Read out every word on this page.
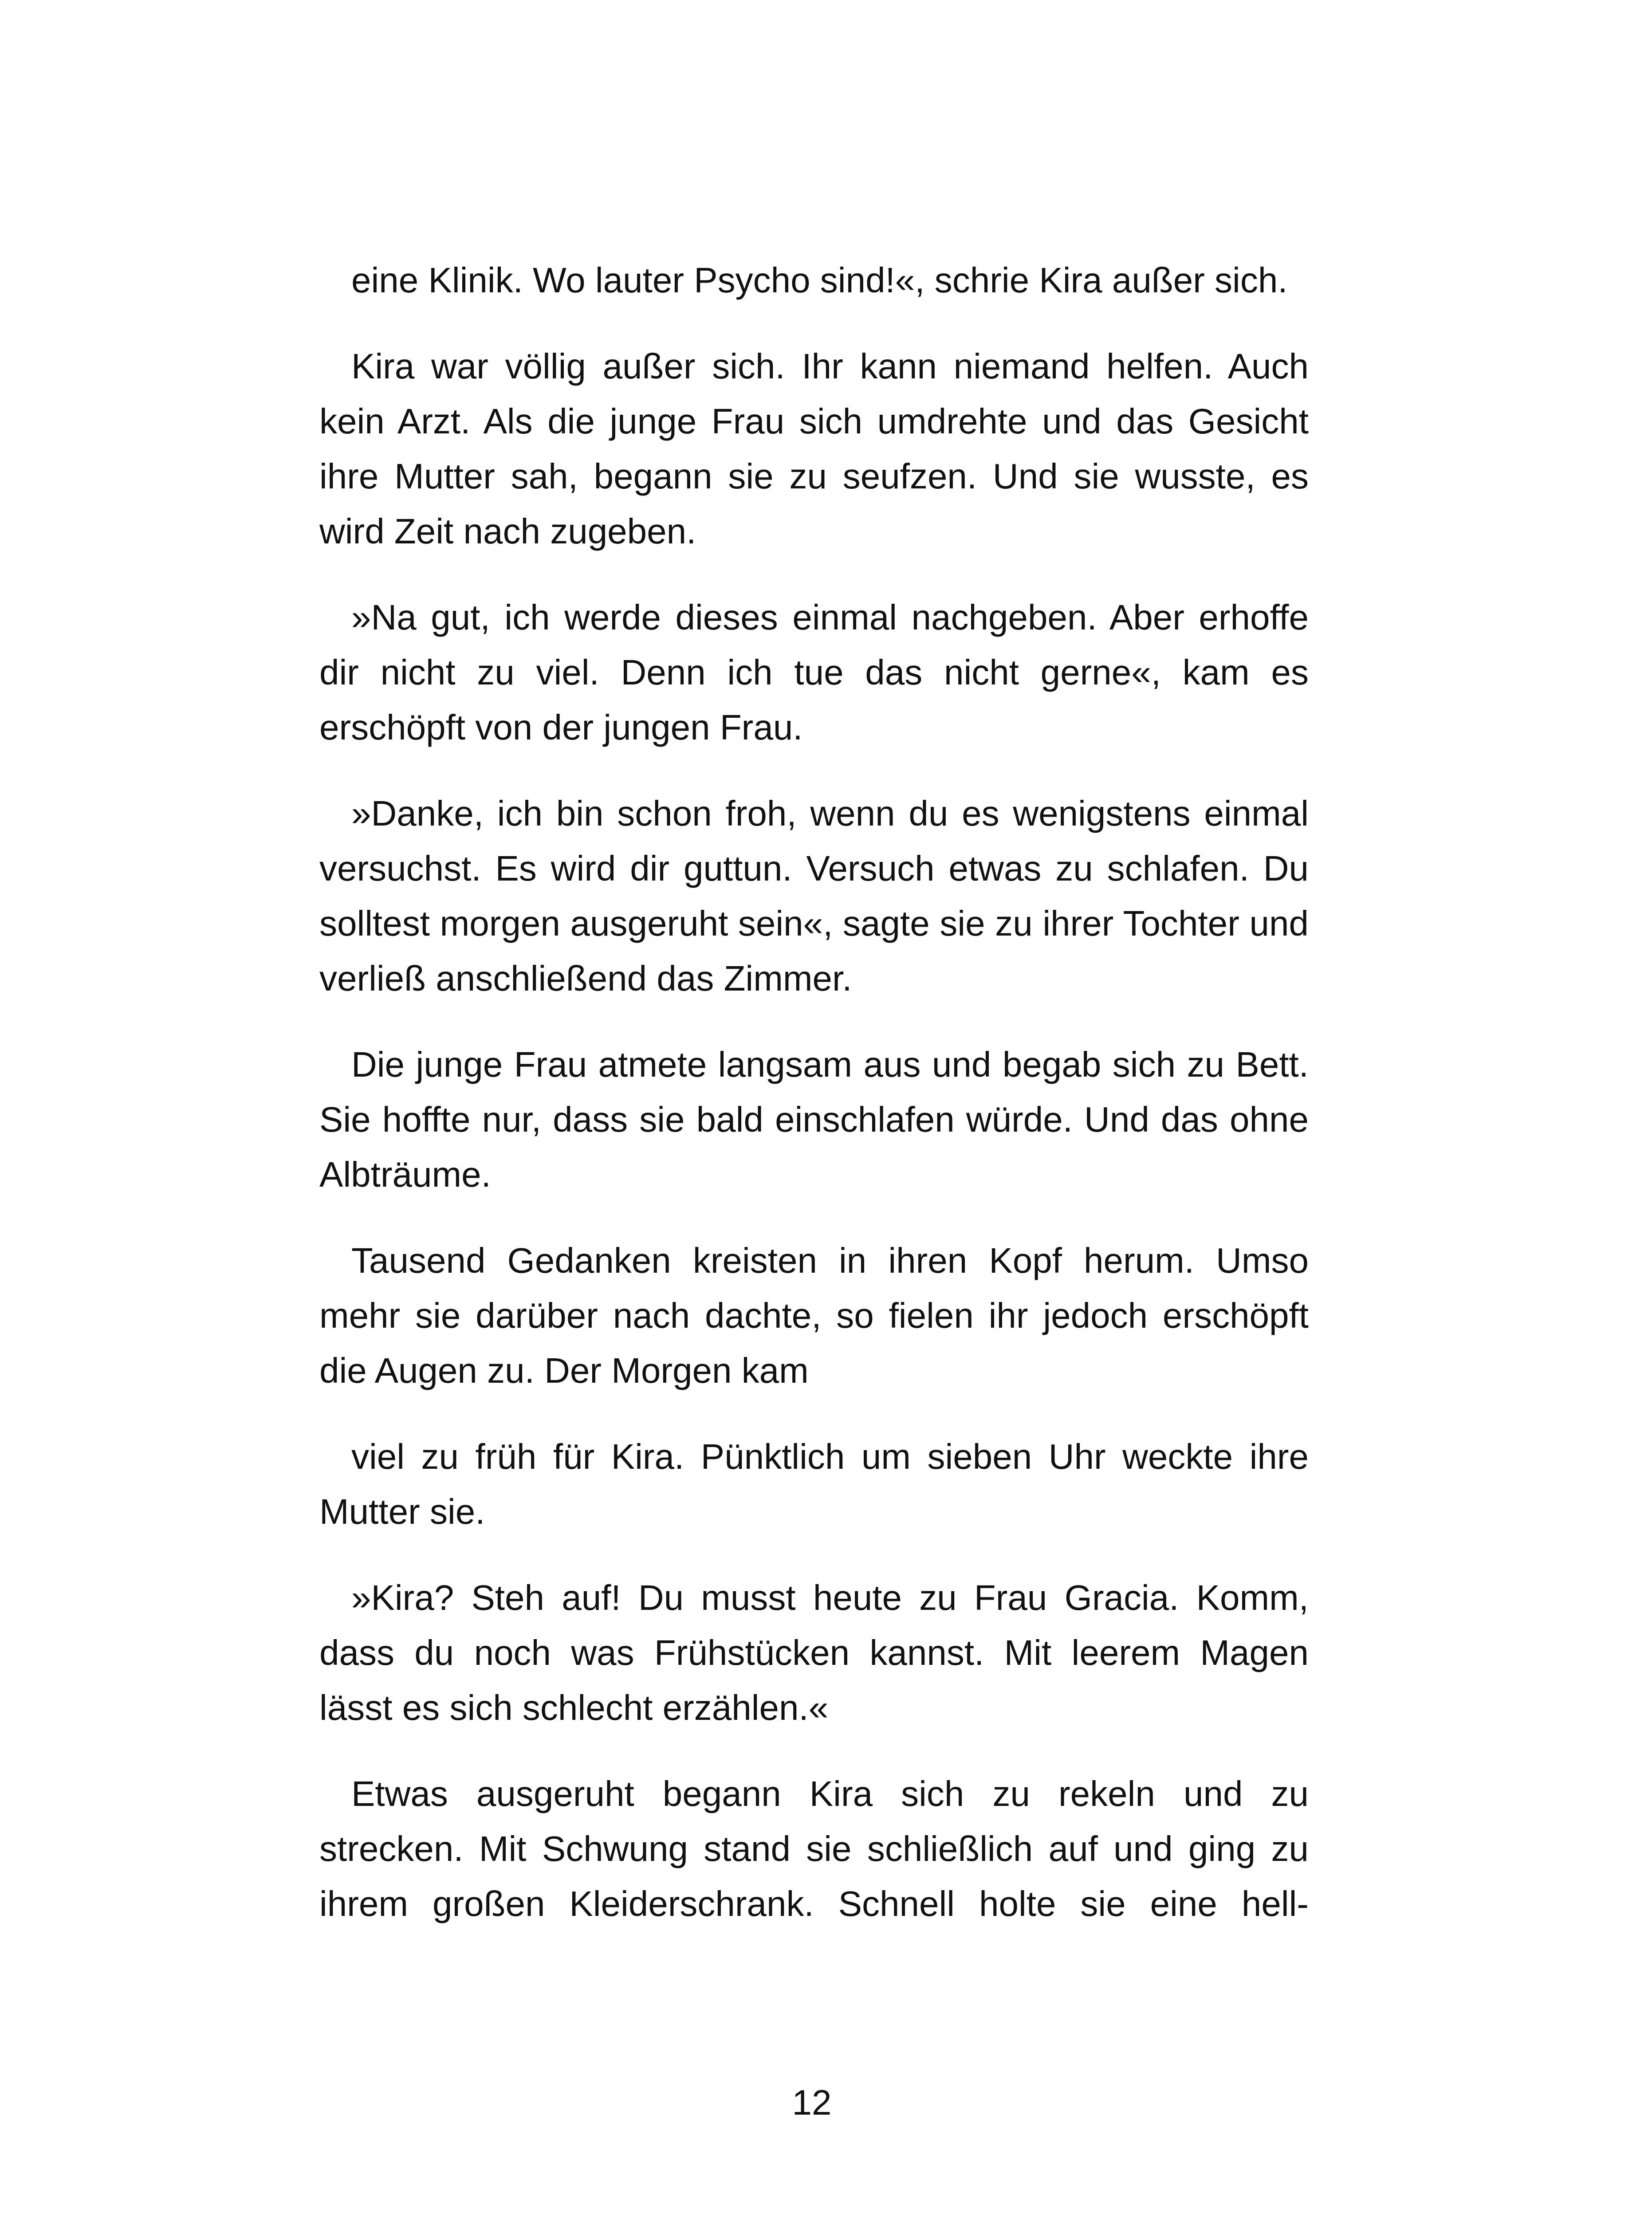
eine Klinik. Wo lauter Psycho sind!«, schrie Kira außer sich.

Kira war völlig außer sich. Ihr kann niemand helfen. Auch kein Arzt. Als die junge Frau sich umdrehte und das Gesicht ihre Mutter sah, begann sie zu seufzen. Und sie wusste, es wird Zeit nach zugeben.

»Na gut, ich werde dieses einmal nachgeben. Aber erhoffe dir nicht zu viel. Denn ich tue das nicht gerne«, kam es erschöpft von der jungen Frau.

»Danke, ich bin schon froh, wenn du es wenigstens einmal versuchst. Es wird dir guttun. Versuch etwas zu schlafen. Du solltest morgen ausgeruht sein«, sagte sie zu ihrer Tochter und verließ anschließend das Zimmer.

Die junge Frau atmete langsam aus und begab sich zu Bett. Sie hoffte nur, dass sie bald einschlafen würde. Und das ohne Albträume.

Tausend Gedanken kreisten in ihren Kopf herum. Umso mehr sie darüber nach dachte, so fielen ihr jedoch erschöpft die Augen zu. Der Morgen kam

viel zu früh für Kira. Pünktlich um sieben Uhr weckte ihre Mutter sie.

»Kira? Steh auf! Du musst heute zu Frau Gracia. Komm, dass du noch was Frühstücken kannst. Mit leerem Magen lässt es sich schlecht erzählen.«

Etwas ausgeruht begann Kira sich zu rekeln und zu strecken. Mit Schwung stand sie schließlich auf und ging zu ihrem großen Kleiderschrank. Schnell holte sie eine hell-

12
